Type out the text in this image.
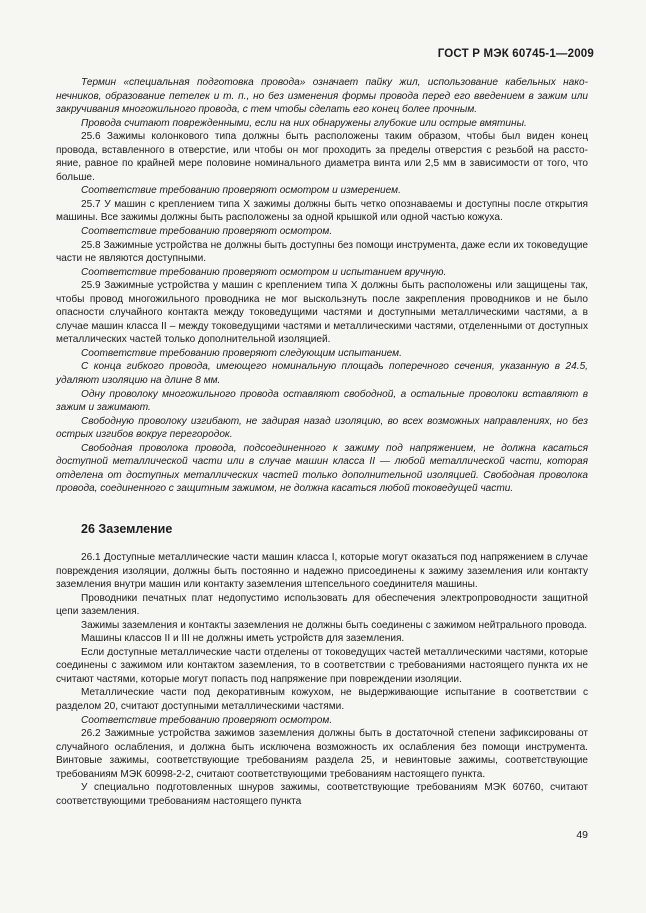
ГОСТ Р МЭК 60745-1—2009

Термин «специальная подготовка провода» означает пайку жил, использование кабельных наконечников, образование петелек и т. п., но без изменения формы провода перед его введением в зажим или закручивания многожильного провода, с тем чтобы сделать его конец более прочным.

Провода считают поврежденными, если на них обнаружены глубокие или острые вмятины.

25.6 Зажимы колонкового типа должны быть расположены таким образом, чтобы был виден конец провода, вставленного в отверстие, или чтобы он мог проходить за пределы отверстия с резьбой на расстояние, равное по крайней мере половине номинального диаметра винта или 2,5 мм в зависимости от того, что больше.

Соответствие требованию проверяют осмотром и измерением.

25.7 У машин с креплением типа X зажимы должны быть четко опознаваемы и доступны после открытия машины. Все зажимы должны быть расположены за одной крышкой или одной частью кожуха.

Соответствие требованию проверяют осмотром.

25.8 Зажимные устройства не должны быть доступны без помощи инструмента, даже если их токоведущие части не являются доступными.

Соответствие требованию проверяют осмотром и испытанием вручную.

25.9 Зажимные устройства у машин с креплением типа X должны быть расположены или защищены так, чтобы провод многожильного проводника не мог выскользнуть после закрепления проводников и не было опасности случайного контакта между токоведущими частями и доступными металлическими частями, а в случае машин класса II – между токоведущими частями и металлическими частями, отделенными от доступных металлических частей только дополнительной изоляцией.

Соответствие требованию проверяют следующим испытанием.

С конца гибкого провода, имеющего номинальную площадь поперечного сечения, указанную в 24.5, удаляют изоляцию на длине 8 мм.

Одну проволоку многожильного провода оставляют свободной, а остальные проволоки вставляют в зажим и зажимают.

Свободную проволоку изгибают, не задирая назад изоляцию, во всех возможных направлениях, но без острых изгибов вокруг перегородок.

Свободная проволока провода, подсоединенного к зажиму под напряжением, не должна касаться доступной металлической части или в случае машин класса II — любой металлической части, которая отделена от доступных металлических частей только дополнительной изоляцией. Свободная проволока провода, соединенного с защитным зажимом, не должна касаться любой токоведущей части.

26 Заземление

26.1 Доступные металлические части машин класса I, которые могут оказаться под напряжением в случае повреждения изоляции, должны быть постоянно и надежно присоединены к зажиму заземления или контакту заземления внутри машин или контакту заземления штепсельного соединителя машины.

Проводники печатных плат недопустимо использовать для обеспечения электропроводности защитной цепи заземления.

Зажимы заземления и контакты заземления не должны быть соединены с зажимом нейтрального провода.

Машины классов II и III не должны иметь устройств для заземления.

Если доступные металлические части отделены от токоведущих частей металлическими частями, которые соединены с зажимом или контактом заземления, то в соответствии с требованиями настоящего пункта их не считают частями, которые могут попасть под напряжение при повреждении изоляции.

Металлические части под декоративным кожухом, не выдерживающие испытание в соответствии с разделом 20, считают доступными металлическими частями.

Соответствие требованию проверяют осмотром.

26.2 Зажимные устройства зажимов заземления должны быть в достаточной степени зафиксированы от случайного ослабления, и должна быть исключена возможность их ослабления без помощи инструмента. Винтовые зажимы, соответствующие требованиям раздела 25, и невинтовые зажимы, соответствующие требованиям МЭК 60998-2-2, считают соответствующими требованиям настоящего пункта.

У специально подготовленных шнуров зажимы, соответствующие требованиям МЭК 60760, считают соответствующими требованиям настоящего пункта

49
